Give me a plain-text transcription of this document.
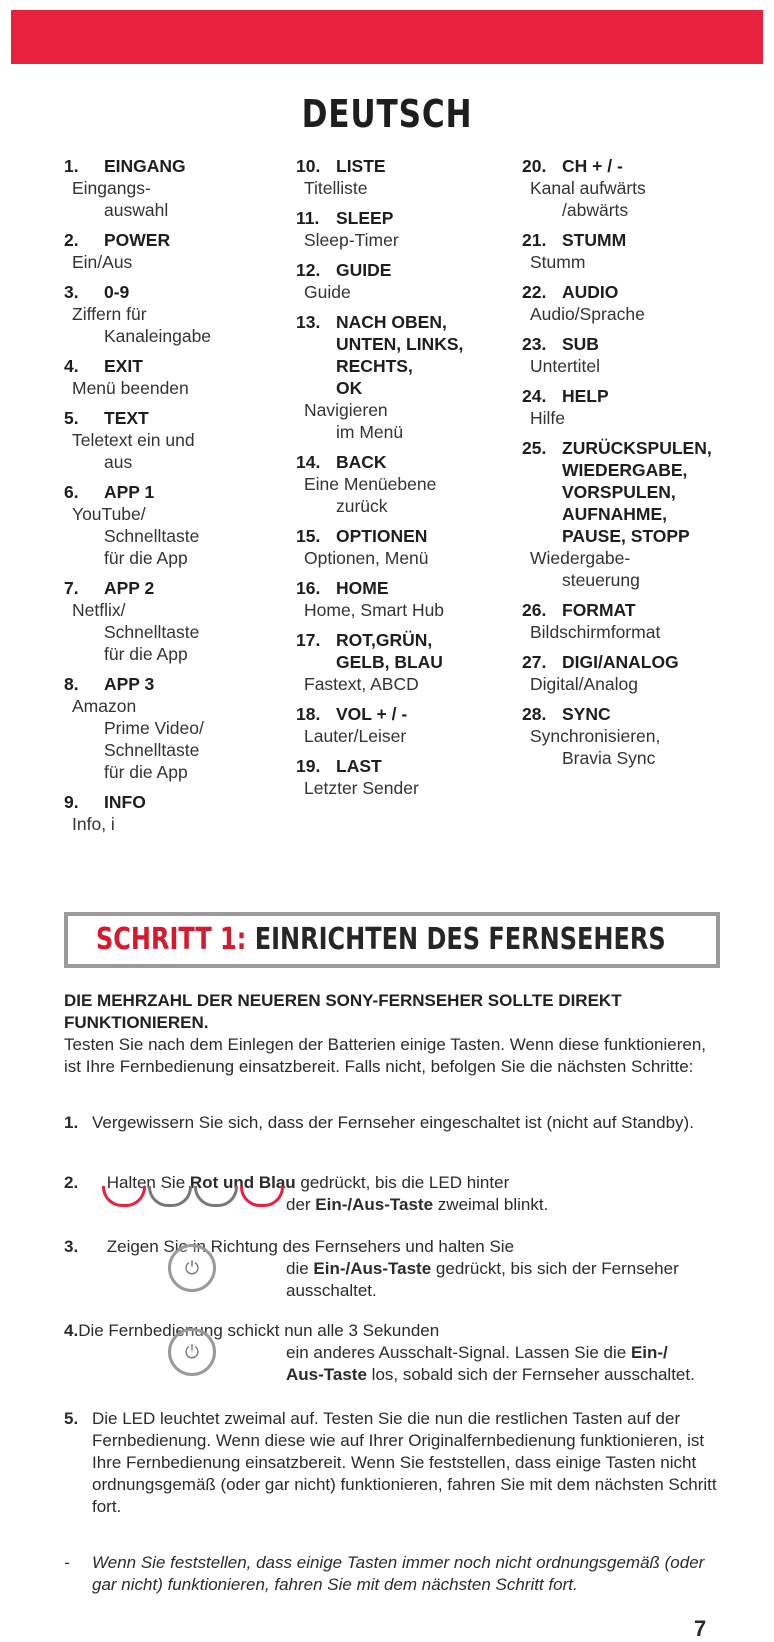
DEUTSCH
1. EINGANG
Eingangs-
auswahl
2. POWER
Ein/Aus
3. 0-9
Ziffern für
Kanaleingabe
4. EXIT
Menü beenden
5. TEXT
Teletext ein und
aus
6. APP 1
YouTube/
Schnelltaste
für die App
7. APP 2
Netflix/
Schnelltaste
für die App
8. APP 3
Amazon
Prime Video/
Schnelltaste
für die App
9. INFO
Info, i
10. LISTE
Titelliste
11. SLEEP
Sleep-Timer
12. GUIDE
Guide
13. NACH OBEN,
UNTEN, LINKS,
RECHTS,
OK
Navigieren
im Menü
14. BACK
Eine Menüebene
zurück
15. OPTIONEN
Optionen, Menü
16. HOME
Home, Smart Hub
17. ROT,GRÜN,
GELB, BLAU
Fastext, ABCD
18. VOL + / -
Lauter/Leiser
19. LAST
Letzter Sender
20. CH + / -
Kanal aufwärts
/abwärts
21. STUMM
Stumm
22. AUDIO
Audio/Sprache
23. SUB
Untertitel
24. HELP
Hilfe
25. ZURÜCKSPULEN,
WIEDERGABE,
VORSPULEN,
AUFNAHME,
PAUSE, STOPP
Wiedergabe-
steuerung
26. FORMAT
Bildschirmformat
27. DIGI/ANALOG
Digital/Analog
28. SYNC
Synchronisieren,
Bravia Sync
SCHRITT 1: EINRICHTEN DES FERNSEHERS
DIE MEHRZAHL DER NEUEREN SONY-FERNSEHER SOLLTE DIREKT FUNKTIONIEREN.
Testen Sie nach dem Einlegen der Batterien einige Tasten. Wenn diese funktionieren, ist Ihre Fernbedienung einsatzbereit. Falls nicht, befolgen Sie die nächsten Schritte:
1. Vergewissern Sie sich, dass der Fernseher eingeschaltet ist (nicht auf Standby).
2. Halten Sie Rot und Blau gedrückt, bis die LED hinter
der Ein-/Aus-Taste zweimal blinkt.
3. Zeigen Sie in Richtung des Fernsehers und halten Sie
die Ein-/Aus-Taste gedrückt, bis sich der Fernseher
ausschaltet.
⏻
4.Die Fernbedienung schickt nun alle 3 Sekunden
ein anderes Ausschalt-Signal. Lassen Sie die Ein-/
Aus-Taste los, sobald sich der Fernseher ausschaltet.
⏻
5. Die LED leuchtet zweimal auf. Testen Sie die nun die restlichen Tasten auf der Fernbedienung. Wenn diese wie auf Ihrer Originalfernbedienung funktionieren, ist Ihre Fernbedienung einsatzbereit. Wenn Sie feststellen, dass einige Tasten nicht ordnungsgemäß (oder gar nicht) funktionieren, fahren Sie mit dem nächsten Schritt fort.
-	Wenn Sie feststellen, dass einige Tasten immer noch nicht ordnungsgemäß (oder gar nicht) funktionieren, fahren Sie mit dem nächsten Schritt fort.
7
